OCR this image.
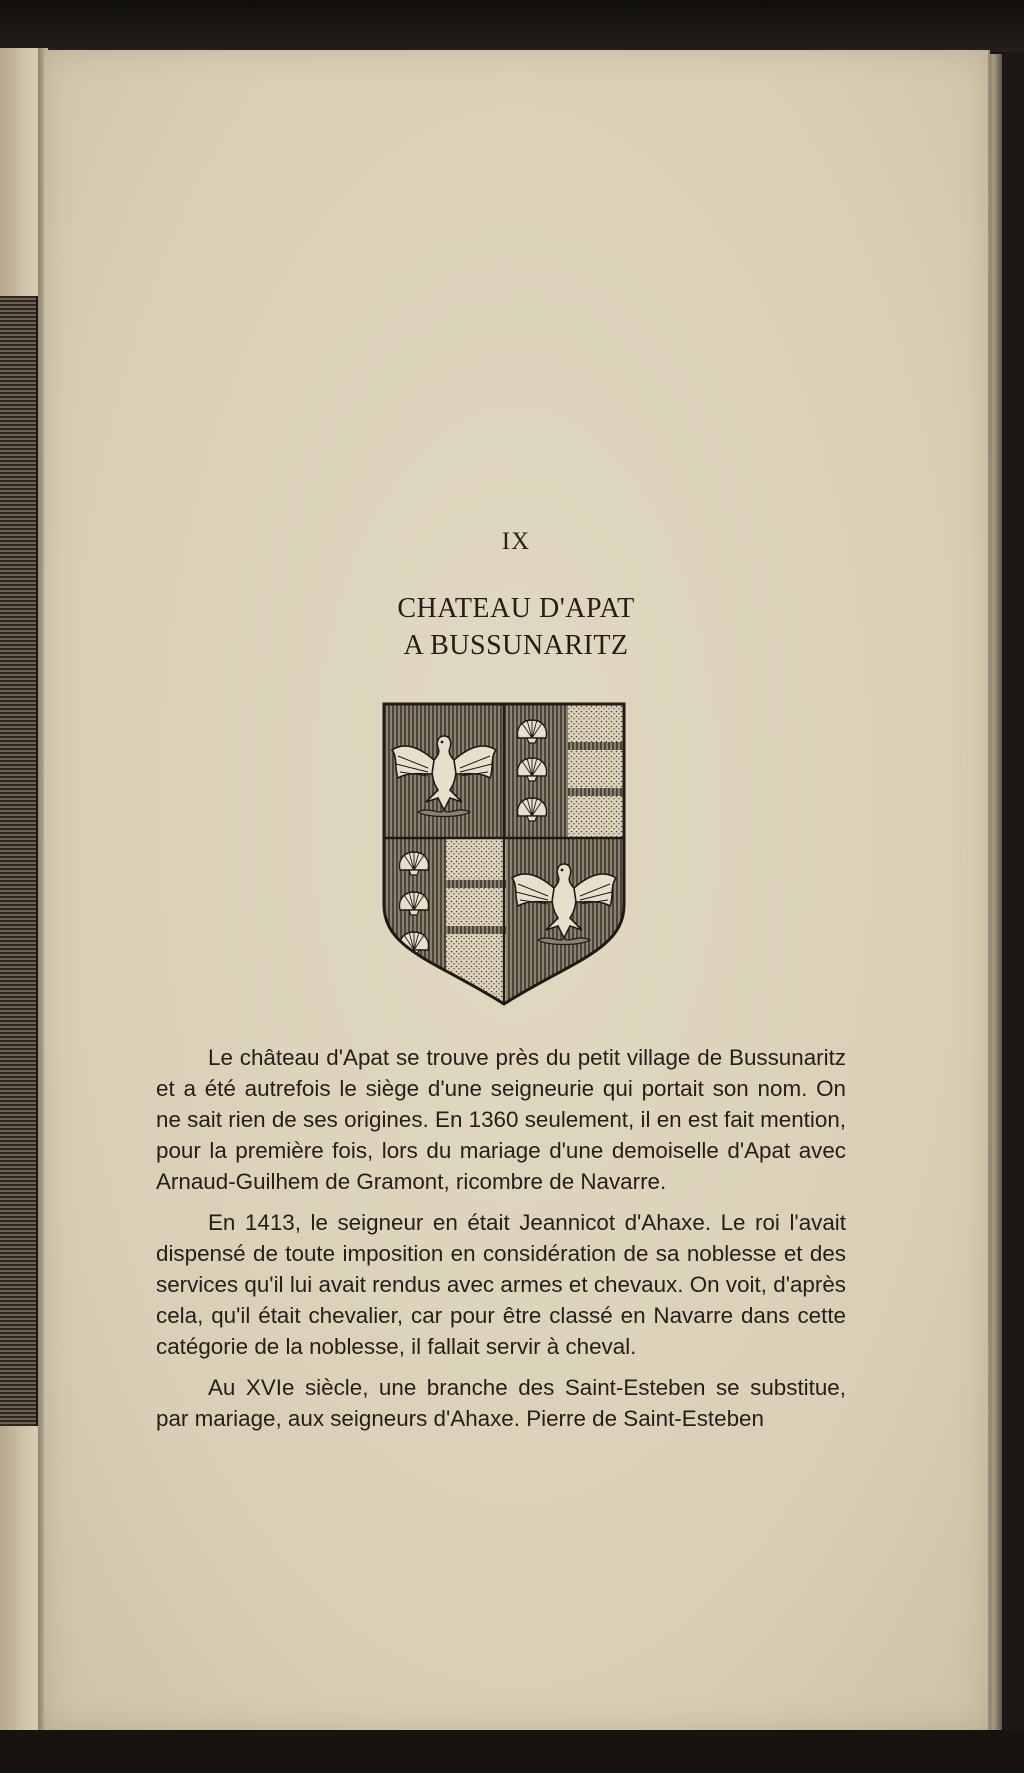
IX
CHATEAU D'APAT
A BUSSUNARITZ

Le château d'Apat se trouve près du petit village de Bussunaritz et a été autrefois le siège d'une seigneurie qui portait son nom. On ne sait rien de ses origines. En 1360 seulement, il en est fait mention, pour la première fois, lors du mariage d'une demoiselle d'Apat avec Arnaud-Guilhem de Gramont, ricombre de Navarre.

En 1413, le seigneur en était Jeannicot d'Ahaxe. Le roi l'avait dispensé de toute imposition en considération de sa noblesse et des services qu'il lui avait rendus avec armes et chevaux. On voit, d'après cela, qu'il était chevalier, car pour être classé en Navarre dans cette catégorie de la noblesse, il fallait servir à cheval.

Au XVIe siècle, une branche des Saint-Esteben se substitue, par mariage, aux seigneurs d'Ahaxe. Pierre de Saint-Esteben
